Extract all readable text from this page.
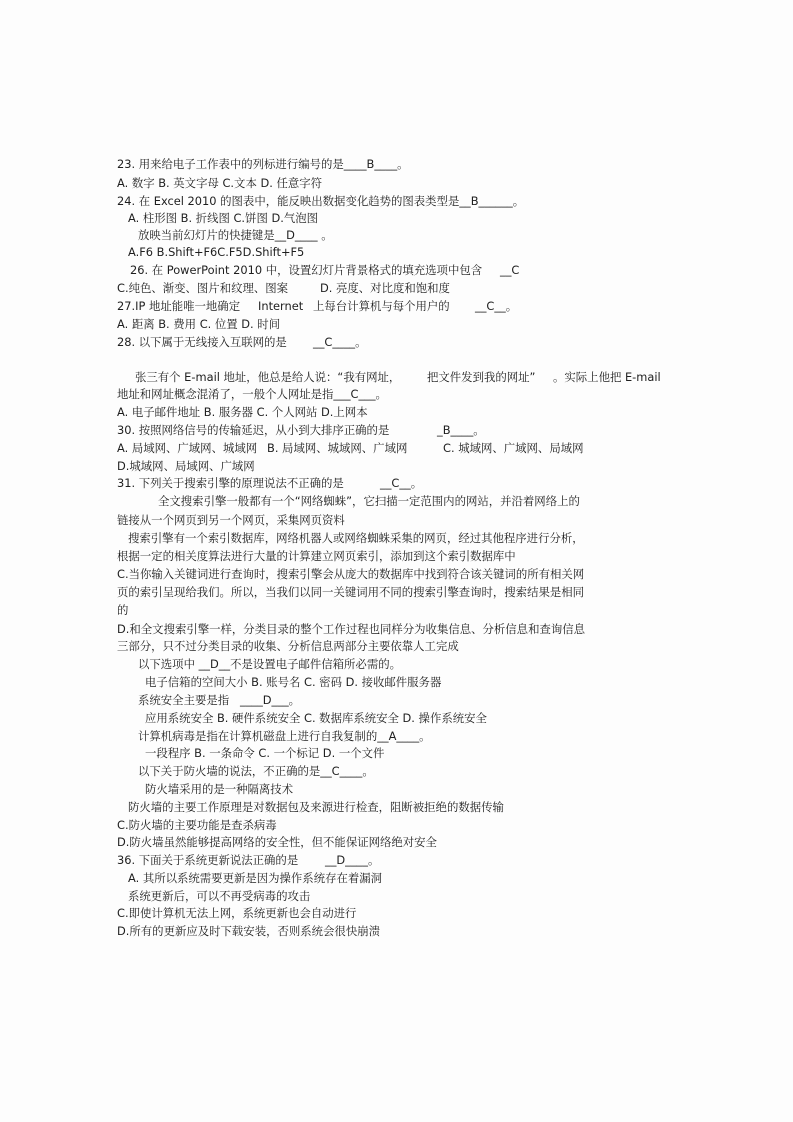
23. 用来给电子工作表中的列标进行编号的是____B____。
A. 数字 B. 英文字母 C.文本 D. 任意字符
24. 在 Excel 2010 的图表中，能反映出数据变化趋势的图表类型是__B______。
A. 柱形图 B. 折线图 C.饼图 D.气泡图
放映当前幻灯片的快捷键是__D____ 。
A.F6 B.Shift+F6C.F5D.Shift+F5
26. 在 PowerPoint 2010 中，设置幻灯片背景格式的填充选项中包含 __C
C.纯色、渐变、图片和纹理、图案	D. 亮度、对比度和饱和度
27.IP 地址能唯一地确定 Internet 上每台计算机与每个用户的 __C__。
A. 距离 B. 费用 C. 位置 D. 时间
28. 以下属于无线接入互联网的是 __C____。
张三有个 E-mail 地址，他总是给人说：“我有网址， 把文件发到我的网址” 。实际上他把 E-mail
地址和网址概念混淆了，一般个人网址是指___C___。
A. 电子邮件地址 B. 服务器 C. 个人网站 D.上网本
30. 按照网络信号的传输延迟，从小到大排序正确的是	_B____。
A. 局域网、广域网、城域网 B. 局域网、城域网、广域网	C. 城域网、广域网、局域网
D.城域网、局域网、广域网
31. 下列关于搜索引擎的原理说法不正确的是	__C__。
全文搜索引擎一般都有一个“网络蜘蛛”，它扫描一定范围内的网站，并沿着网络上的
链接从一个网页到另一个网页，采集网页资料
搜索引擎有一个索引数据库，网络机器人或网络蜘蛛采集的网页，经过其他程序进行分析，
根据一定的相关度算法进行大量的计算建立网页索引，添加到这个索引数据库中
C.当你输入关键词进行查询时，搜索引擎会从庞大的数据库中找到符合该关键词的所有相关网
页的索引呈现给我们。所以，当我们以同一关键词用不同的搜索引擎查询时，搜索结果是相同
的
D.和全文搜索引擎一样，分类目录的整个工作过程也同样分为收集信息、分析信息和查询信息
三部分，只不过分类目录的收集、分析信息两部分主要依靠人工完成
以下选项中 __D__不是设置电子邮件信箱所必需的。
电子信箱的空间大小 B. 账号名 C. 密码 D. 接收邮件服务器
系统安全主要是指 ____D___。
应用系统安全 B. 硬件系统安全 C. 数据库系统安全 D. 操作系统安全
计算机病毒是指在计算机磁盘上进行自我复制的__A____。
一段程序 B. 一条命令 C. 一个标记 D. 一个文件
以下关于防火墙的说法，不正确的是__C____。
防火墙采用的是一种隔离技术
防火墙的主要工作原理是对数据包及来源进行检查，阻断被拒绝的数据传输
C.防火墙的主要功能是查杀病毒
D.防火墙虽然能够提高网络的安全性，但不能保证网络绝对安全
36. 下面关于系统更新说法正确的是 __D____。
A. 其所以系统需要更新是因为操作系统存在着漏洞
系统更新后，可以不再受病毒的攻击
C.即使计算机无法上网，系统更新也会自动进行
D.所有的更新应及时下载安装，否则系统会很快崩溃
